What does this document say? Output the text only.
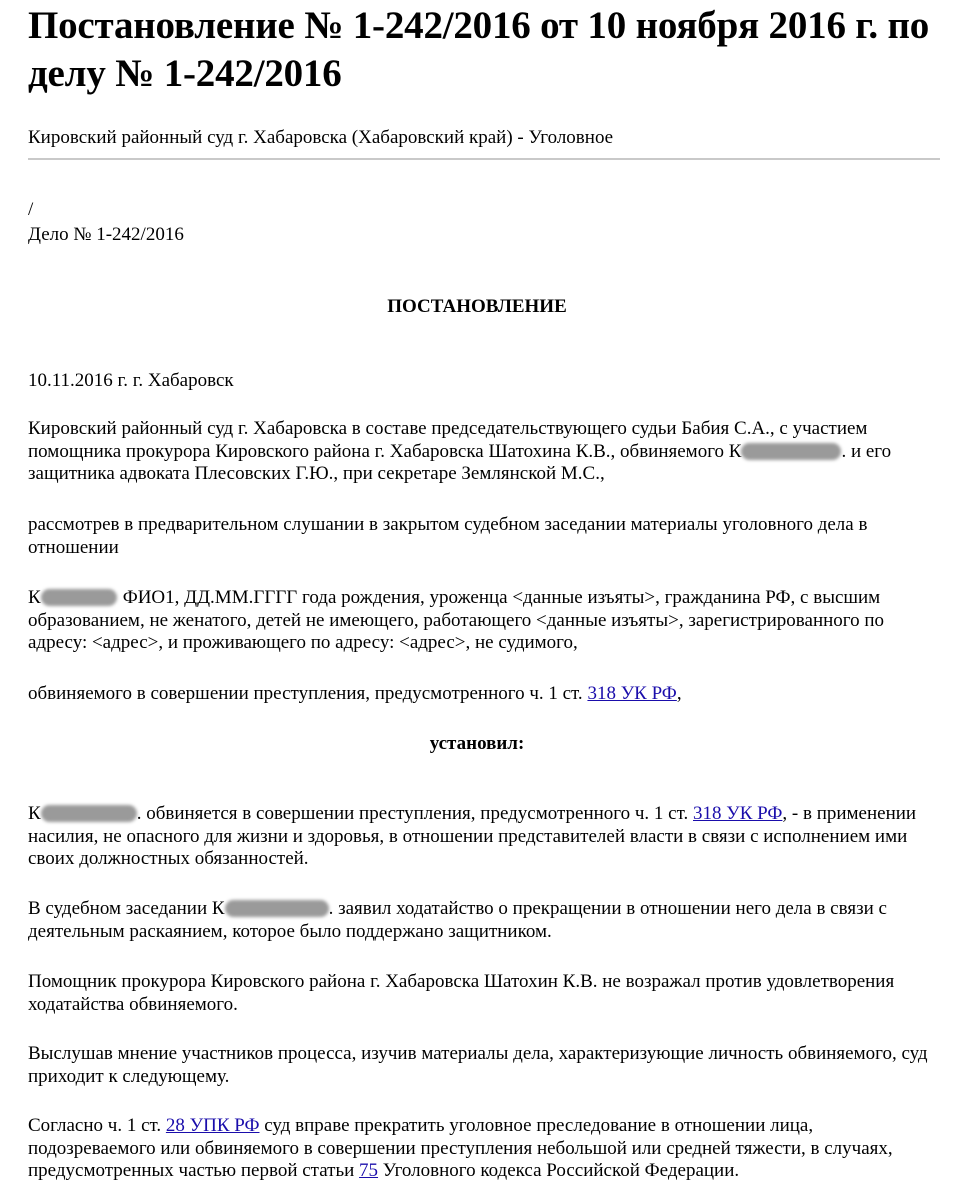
Постановление № 1-242/2016 от 10 ноября 2016 г. по делу № 1-242/2016

Кировский районный суд г. Хабаровска (Хабаровский край) - Уголовное

/

Дело № 1-242/2016

ПОСТАНОВЛЕНИЕ

10.11.2016 г. г. Хабаровск

Кировский районный суд г. Хабаровска в составе председательствующего судьи Бабия С.А., с участием помощника прокурора Кировского района г. Хабаровска Шатохина К.В., обвиняемого К	. и его защитника адвоката Плесовских Г.Ю., при секретаре Землянской М.С.,

рассмотрев в предварительном слушании в закрытом судебном заседании материалы уголовного дела в отношении

К	ФИО1, ДД.ММ.ГГГГ года рождения, уроженца <данные изъяты>, гражданина РФ, с высшим образованием, не женатого, детей не имеющего, работающего <данные изъяты>, зарегистрированного по адресу: <адрес>, и проживающего по адресу: <адрес>, не судимого,

обвиняемого в совершении преступления, предусмотренного ч. 1 ст. 318 УК РФ,

установил:

К	. обвиняется в совершении преступления, предусмотренного ч. 1 ст. 318 УК РФ, - в применении насилия, не опасного для жизни и здоровья, в отношении представителей власти в связи с исполнением ими своих должностных обязанностей.

В судебном заседании К	. заявил ходатайство о прекращении в отношении него дела в связи с деятельным раскаянием, которое было поддержано защитником.

Помощник прокурора Кировского района г. Хабаровска Шатохин К.В. не возражал против удовлетворения ходатайства обвиняемого.

Выслушав мнение участников процесса, изучив материалы дела, характеризующие личность обвиняемого, суд приходит к следующему.

Согласно ч. 1 ст. 28 УПК РФ суд вправе прекратить уголовное преследование в отношении лица, подозреваемого или обвиняемого в совершении преступления небольшой или средней тяжести, в случаях, предусмотренных частью первой статьи 75 Уголовного кодекса Российской Федерации.
